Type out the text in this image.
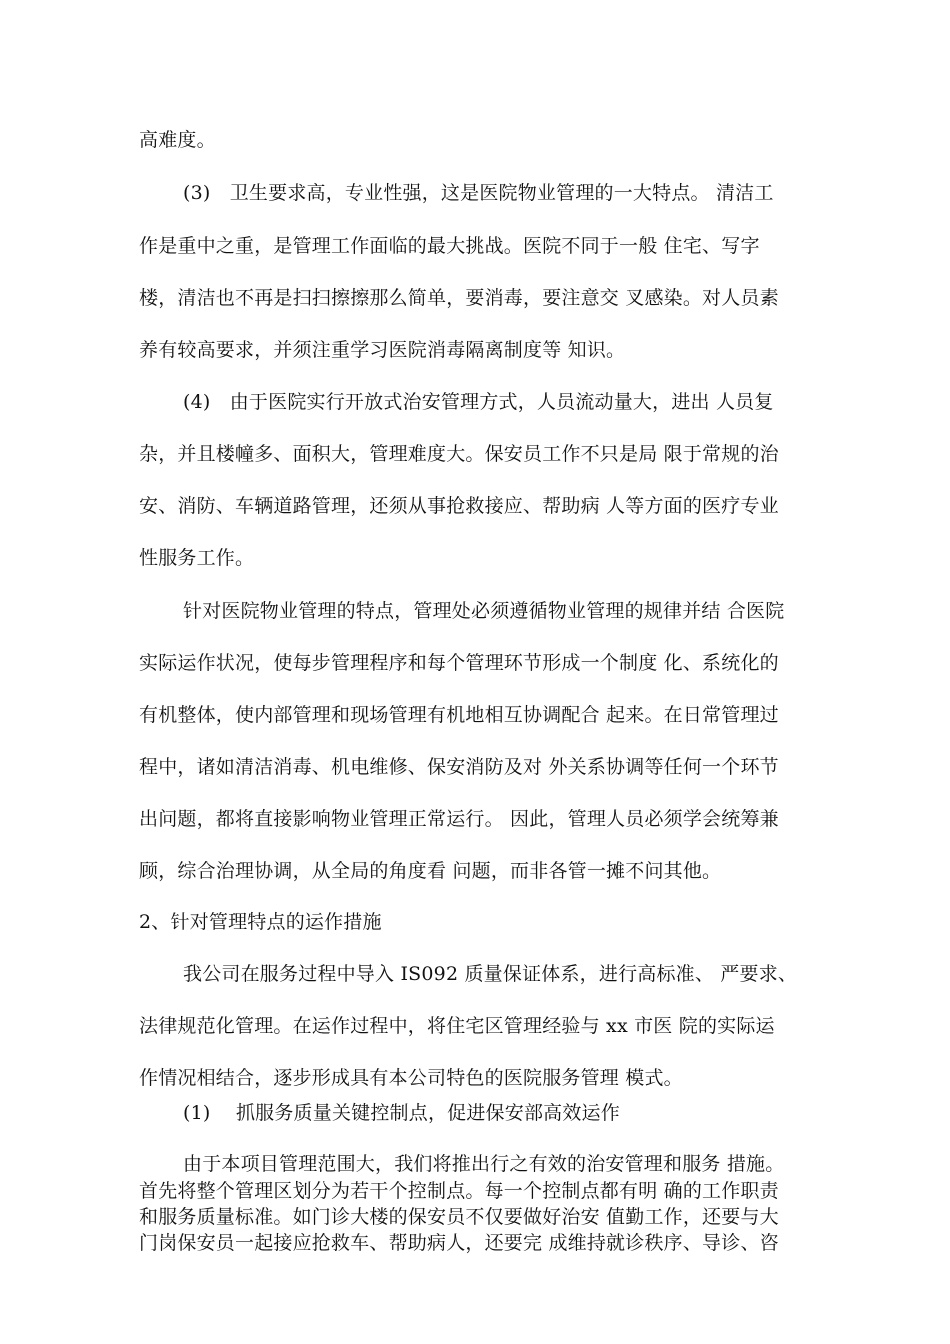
高难度。
(3)　卫生要求高，专业性强，这是医院物业管理的一大特点。 清洁工
作是重中之重，是管理工作面临的最大挑战。医院不同于一般 住宅、写字
楼，清洁也不再是扫扫擦擦那么简单，要消毒，要注意交 叉感染。对人员素
养有较高要求，并须注重学习医院消毒隔离制度等 知识。
(4)　由于医院实行开放式治安管理方式，人员流动量大，进出 人员复
杂，并且楼幢多、面积大，管理难度大。保安员工作不只是局 限于常规的治
安、消防、车辆道路管理，还须从事抢救接应、帮助病 人等方面的医疗专业
性服务工作。
针对医院物业管理的特点，管理处必须遵循物业管理的规律并结 合医院
实际运作状况，使每步管理程序和每个管理环节形成一个制度 化、系统化的
有机整体，使内部管理和现场管理有机地相互协调配合 起来。在日常管理过
程中，诸如清洁消毒、机电维修、保安消防及对 外关系协调等任何一个环节
出问题，都将直接影响物业管理正常运行。 因此，管理人员必须学会统筹兼
顾，综合治理协调，从全局的角度看 问题，而非各管一摊不问其他。
2、针对管理特点的运作措施
我公司在服务过程中导入 IS092 质量保证体系，进行高标准、 严要求、
法律规范化管理。在运作过程中，将住宅区管理经验与 xx 市医 院的实际运
作情况相结合，逐步形成具有本公司特色的医院服务管理 模式。
(1)　 抓服务质量关键控制点，促进保安部高效运作
由于本项目管理范围大，我们将推出行之有效的治安管理和服务 措施。
首先将整个管理区划分为若干个控制点。每一个控制点都有明 确的工作职责
和服务质量标准。如门诊大楼的保安员不仅要做好治安 值勤工作，还要与大
门岗保安员一起接应抢救车、帮助病人，还要完 成维持就诊秩序、导诊、咨
